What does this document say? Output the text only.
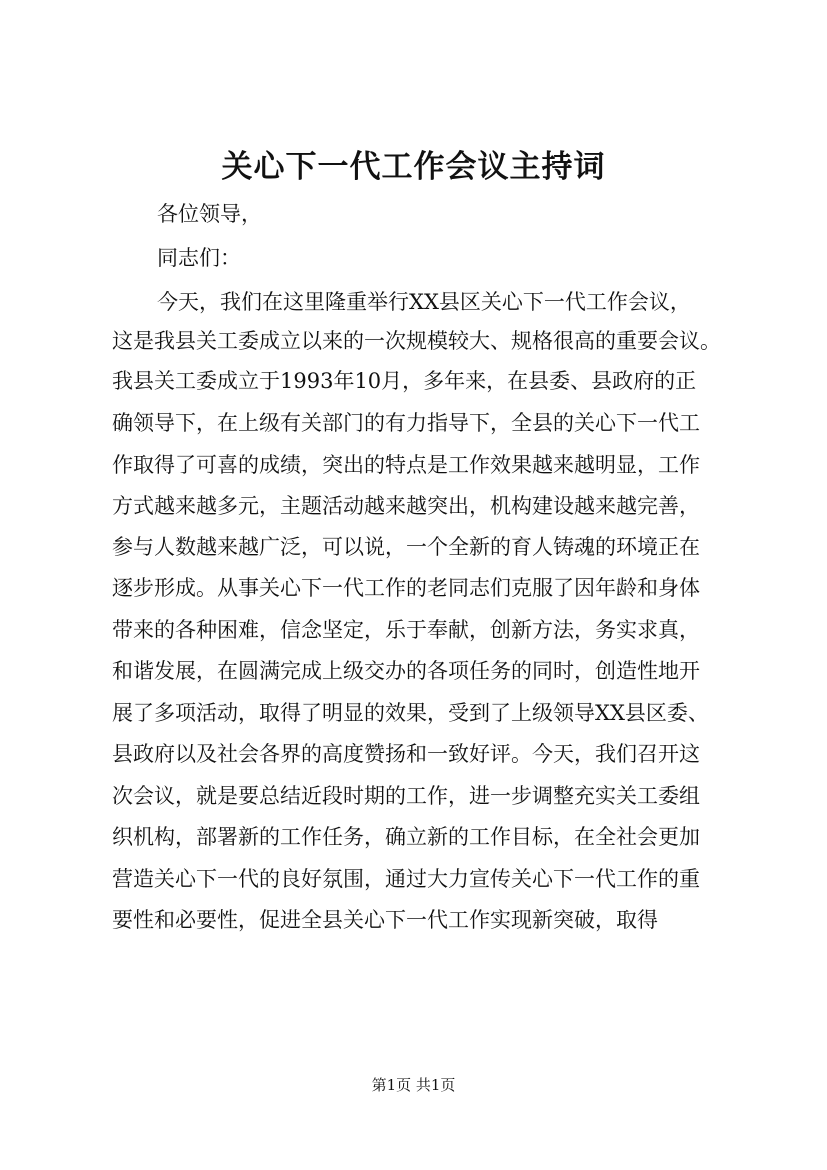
关心下一代工作会议主持词
各位领导，
同志们：
今天，我们在这里隆重举行XX县区关心下一代工作会议，
这是我县关工委成立以来的一次规模较大、规格很高的重要会议。
我县关工委成立于1993年10月，多年来，在县委、县政府的正
确领导下，在上级有关部门的有力指导下，全县的关心下一代工
作取得了可喜的成绩，突出的特点是工作效果越来越明显，工作
方式越来越多元，主题活动越来越突出，机构建设越来越完善，
参与人数越来越广泛，可以说，一个全新的育人铸魂的环境正在
逐步形成。从事关心下一代工作的老同志们克服了因年龄和身体
带来的各种困难，信念坚定，乐于奉献，创新方法，务实求真，
和谐发展，在圆满完成上级交办的各项任务的同时，创造性地开
展了多项活动，取得了明显的效果，受到了上级领导XX县区委、
县政府以及社会各界的高度赞扬和一致好评。今天，我们召开这
次会议，就是要总结近段时期的工作，进一步调整充实关工委组
织机构，部署新的工作任务，确立新的工作目标，在全社会更加
营造关心下一代的良好氛围，通过大力宣传关心下一代工作的重
要性和必要性，促进全县关心下一代工作实现新突破，取得
第1页 共1页
